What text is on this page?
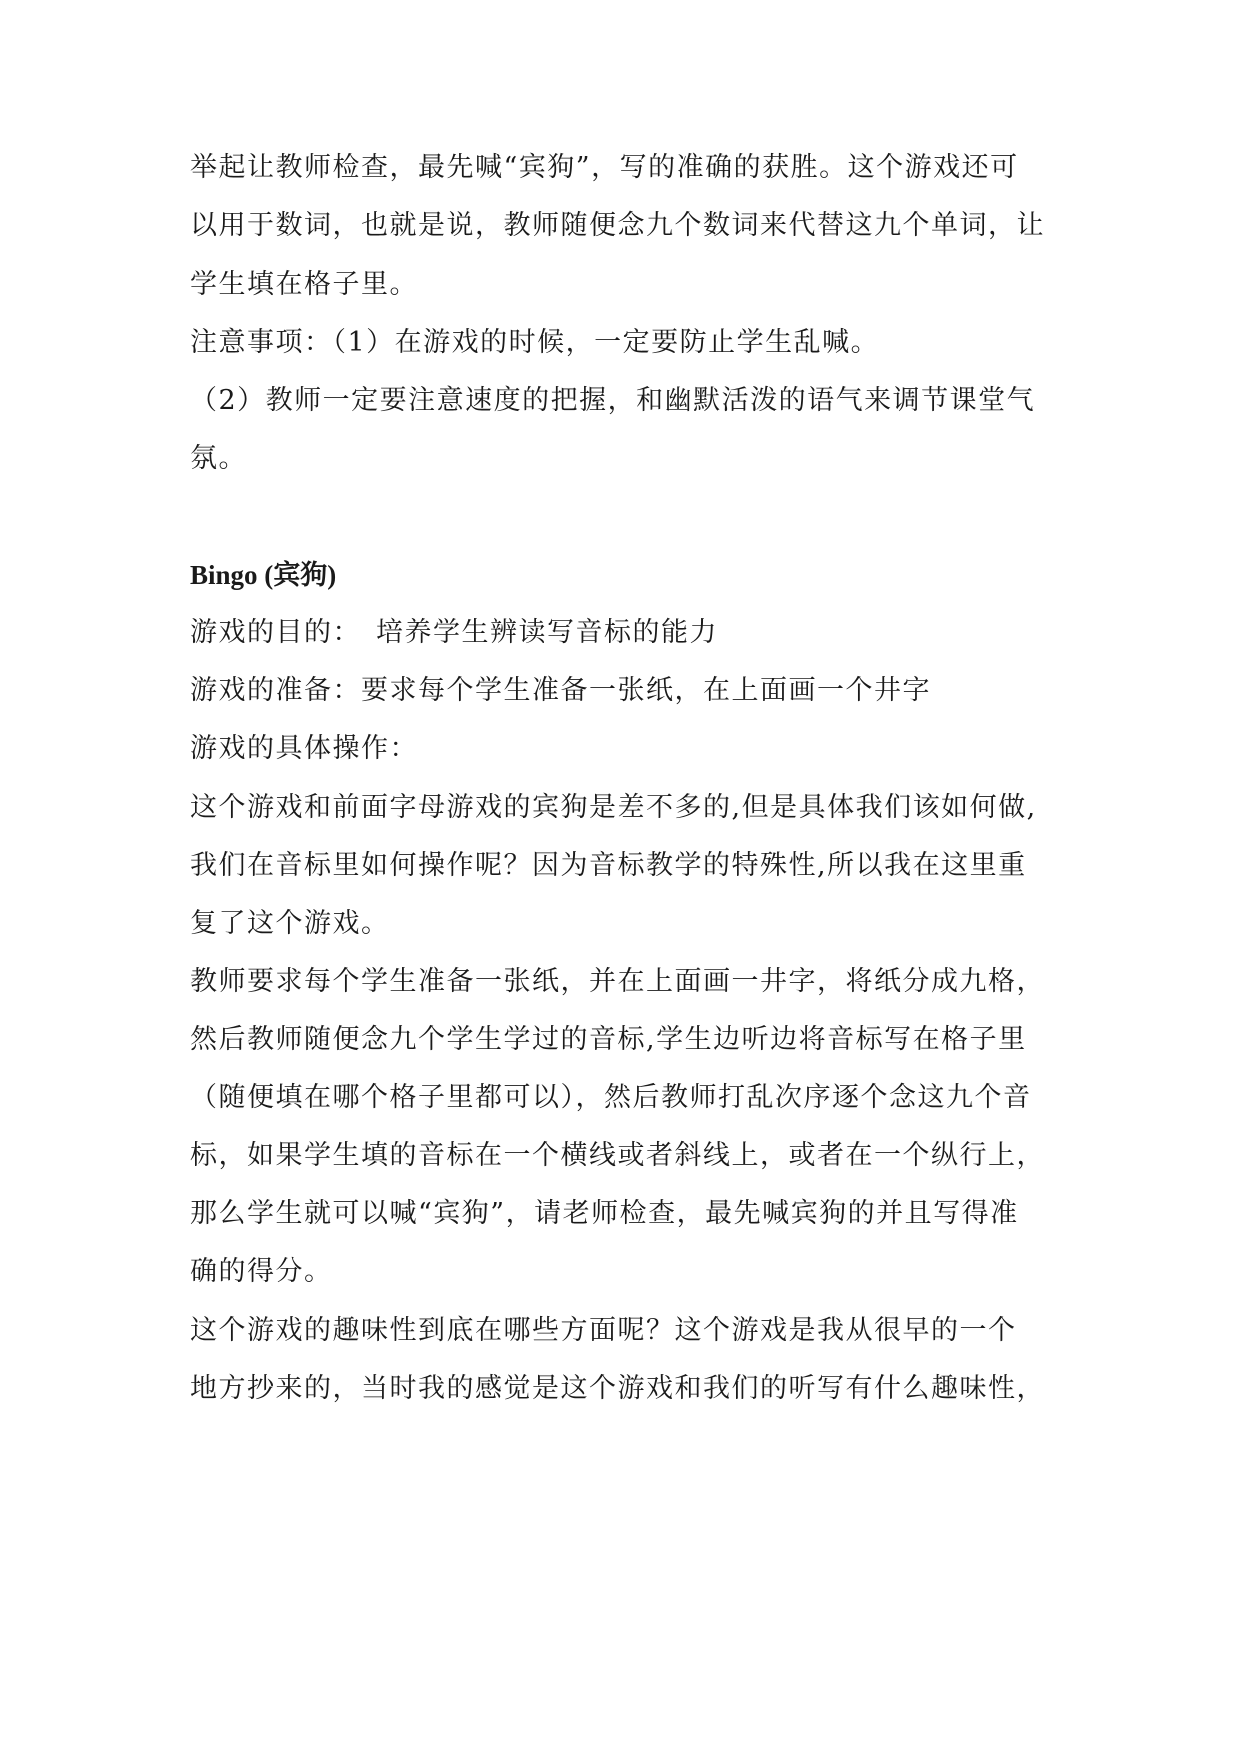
举起让教师检查，最先喊“宾狗”，写的准确的获胜。这个游戏还可
以用于数词，也就是说，教师随便念九个数词来代替这九个单词，让
学生填在格子里。
注意事项：（1）在游戏的时候，一定要防止学生乱喊。
（2）教师一定要注意速度的把握，和幽默活泼的语气来调节课堂气
氛。
Bingo (宾狗)
游戏的目的：　培养学生辨读写音标的能力
游戏的准备：要求每个学生准备一张纸，在上面画一个井字
游戏的具体操作：
这个游戏和前面字母游戏的宾狗是差不多的,但是具体我们该如何做,
我们在音标里如何操作呢？因为音标教学的特殊性,所以我在这里重
复了这个游戏。
教师要求每个学生准备一张纸，并在上面画一井字，将纸分成九格，
然后教师随便念九个学生学过的音标,学生边听边将音标写在格子里
（随便填在哪个格子里都可以），然后教师打乱次序逐个念这九个音
标，如果学生填的音标在一个横线或者斜线上，或者在一个纵行上，
那么学生就可以喊“宾狗”，请老师检查，最先喊宾狗的并且写得准
确的得分。
这个游戏的趣味性到底在哪些方面呢？这个游戏是我从很早的一个
地方抄来的，当时我的感觉是这个游戏和我们的听写有什么趣味性，
